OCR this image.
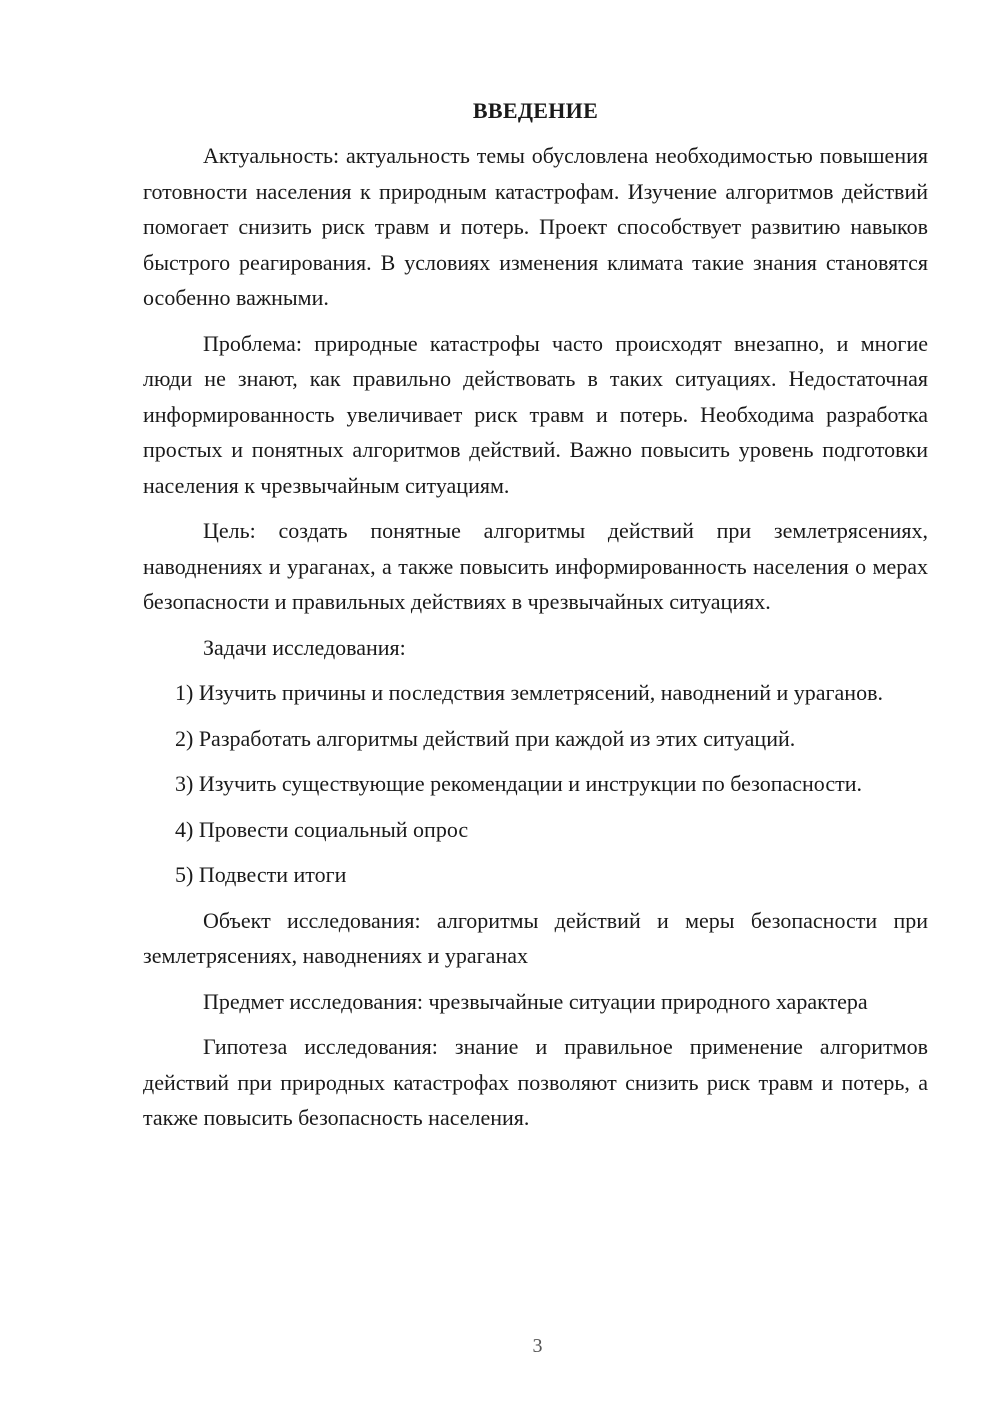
ВВЕДЕНИЕ

Актуальность: актуальность темы обусловлена необходимостью повышения готовности населения к природным катастрофам. Изучение алгоритмов действий помогает снизить риск травм и потерь. Проект способствует развитию навыков быстрого реагирования. В условиях изменения климата такие знания становятся особенно важными.

Проблема: природные катастрофы часто происходят внезапно, и многие люди не знают, как правильно действовать в таких ситуациях. Недостаточная информированность увеличивает риск травм и потерь. Необходима разработка простых и понятных алгоритмов действий. Важно повысить уровень подготовки населения к чрезвычайным ситуациям.

Цель: создать понятные алгоритмы действий при землетрясениях, наводнениях и ураганах, а также повысить информированность населения о мерах безопасности и правильных действиях в чрезвычайных ситуациях.

Задачи исследования:

1) Изучить причины и последствия землетрясений, наводнений и ураганов.

2) Разработать алгоритмы действий при каждой из этих ситуаций.

3) Изучить существующие рекомендации и инструкции по безопасности.

4) Провести социальный опрос

5) Подвести итоги

Объект исследования: алгоритмы действий и меры безопасности при землетрясениях, наводнениях и ураганах

Предмет исследования: чрезвычайные ситуации природного характера

Гипотеза исследования: знание и правильное применение алгоритмов действий при природных катастрофах позволяют снизить риск травм и потерь, а также повысить безопасность населения.

3
